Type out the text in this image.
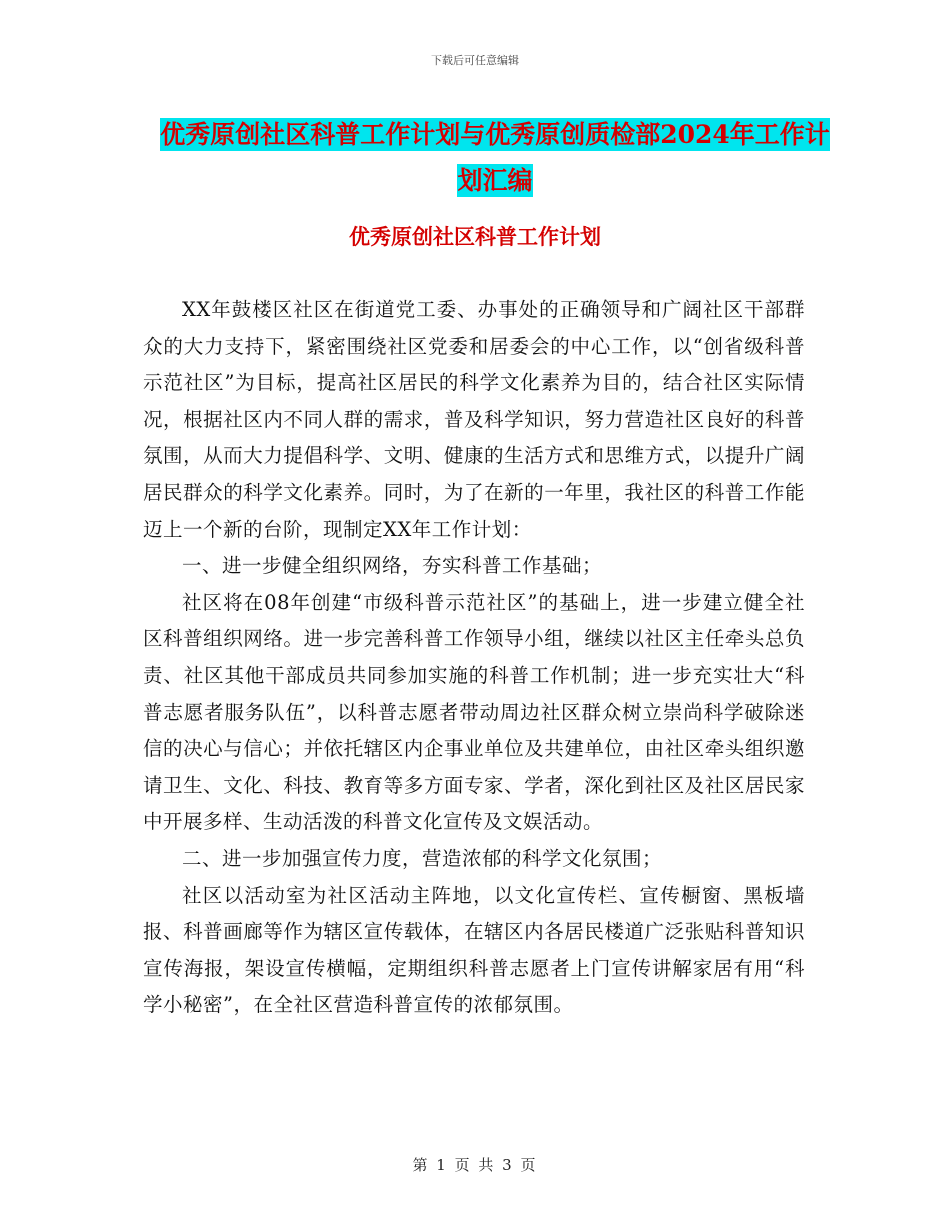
下载后可任意编辑
优秀原创社区科普工作计划与优秀原创质检部2024年工作计划汇编
优秀原创社区科普工作计划

XX年鼓楼区社区在街道党工委、办事处的正确领导和广阔社区干部群众的大力支持下，紧密围绕社区党委和居委会的中心工作，以“创省级科普示范社区”为目标，提高社区居民的科学文化素养为目的，结合社区实际情况，根据社区内不同人群的需求，普及科学知识，努力营造社区良好的科普氛围，从而大力提倡科学、文明、健康的生活方式和思维方式，以提升广阔居民群众的科学文化素养。同时，为了在新的一年里，我社区的科普工作能迈上一个新的台阶，现制定XX年工作计划：

一、进一步健全组织网络，夯实科普工作基础；

社区将在08年创建“市级科普示范社区”的基础上，进一步建立健全社区科普组织网络。进一步完善科普工作领导小组，继续以社区主任牵头总负责、社区其他干部成员共同参加实施的科普工作机制；进一步充实壮大“科普志愿者服务队伍”，以科普志愿者带动周边社区群众树立崇尚科学破除迷信的决心与信心；并依托辖区内企事业单位及共建单位，由社区牵头组织邀请卫生、文化、科技、教育等多方面专家、学者，深化到社区及社区居民家中开展多样、生动活泼的科普文化宣传及文娱活动。

二、进一步加强宣传力度，营造浓郁的科学文化氛围；

社区以活动室为社区活动主阵地，以文化宣传栏、宣传橱窗、黑板墙报、科普画廊等作为辖区宣传载体，在辖区内各居民楼道广泛张贴科普知识宣传海报，架设宣传横幅，定期组织科普志愿者上门宣传讲解家居有用“科学小秘密”，在全社区营造科普宣传的浓郁氛围。

第 1 页 共 3 页
